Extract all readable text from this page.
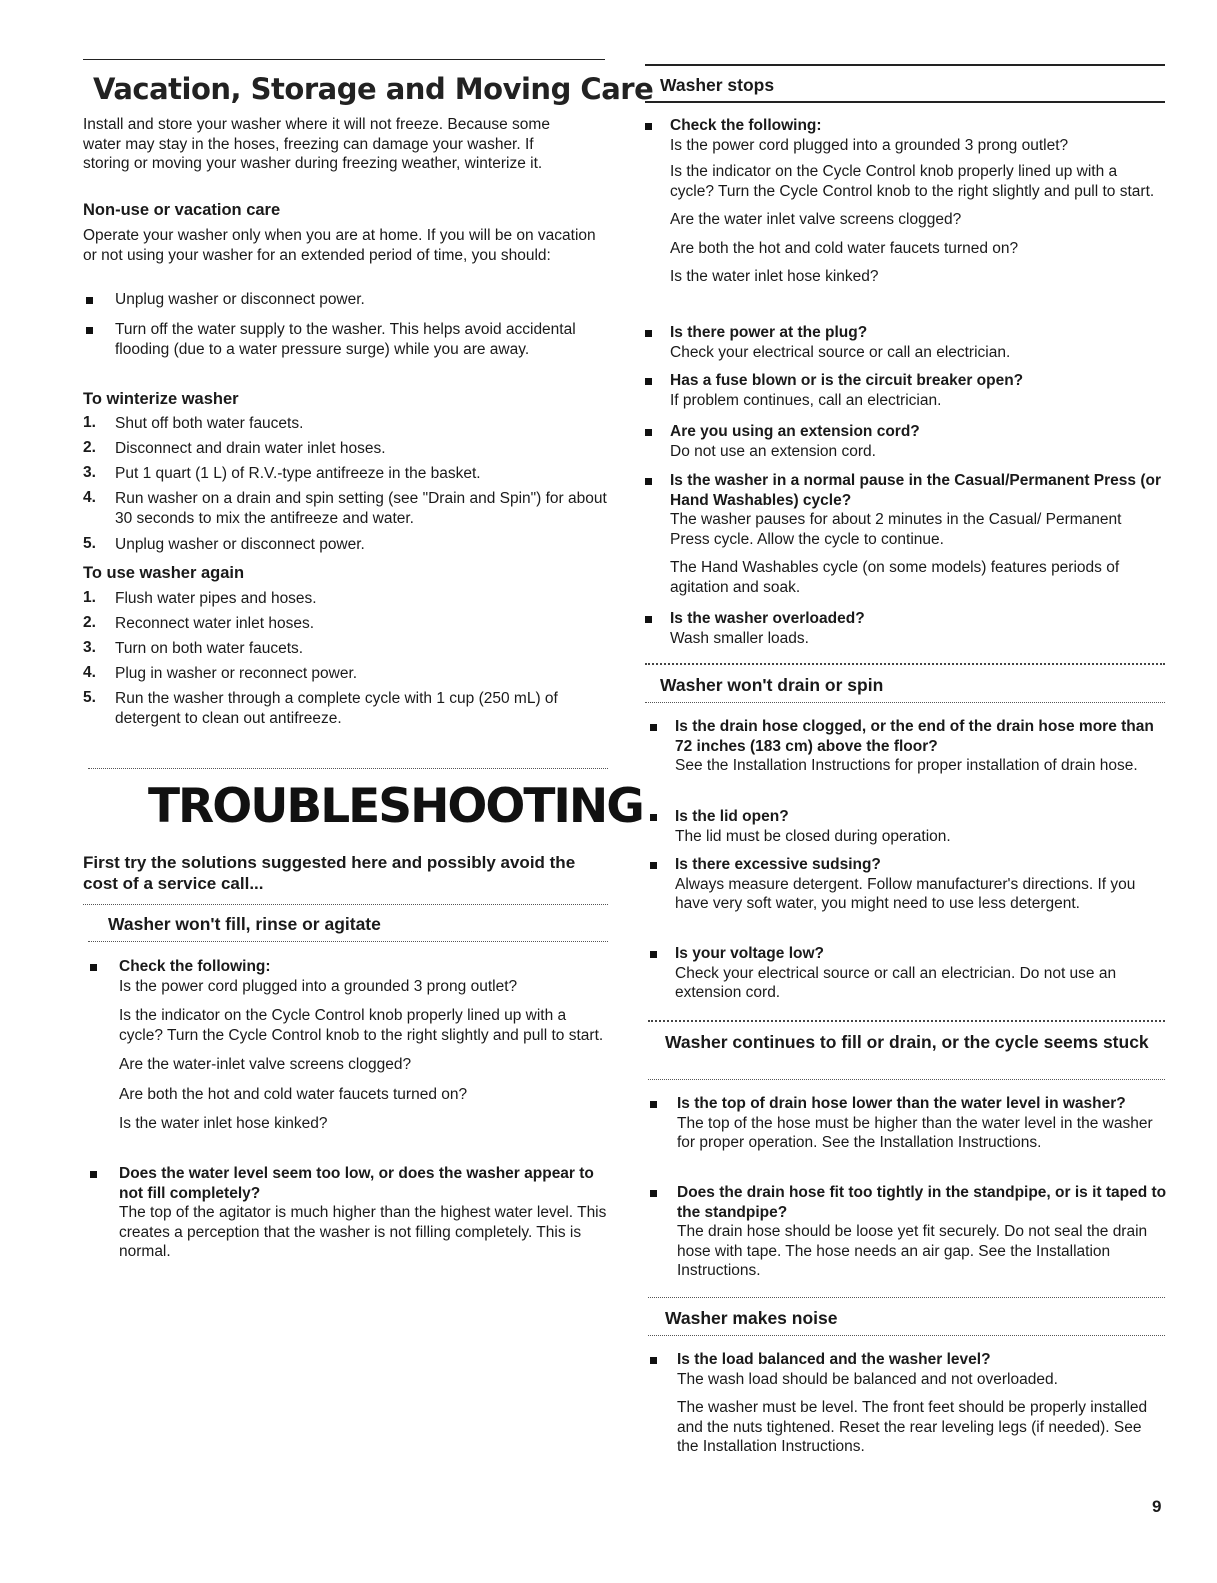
Vacation, Storage and Moving Care

Install and store your washer where it will not freeze. Because some water may stay in the hoses, freezing can damage your washer. If storing or moving your washer during freezing weather, winterize it.

Non-use or vacation care

Operate your washer only when you are at home. If you will be on vacation or not using your washer for an extended period of time, you should:

Unplug washer or disconnect power.

Turn off the water supply to the washer. This helps avoid accidental flooding (due to a water pressure surge) while you are away.

To winterize washer
1. Shut off both water faucets.

2. Disconnect and drain water inlet hoses.

3. Put 1 quart (1 L) of R.V.-type antifreeze in the basket.

4. Run washer on a drain and spin setting (see "Drain and Spin") for about 30 seconds to mix the antifreeze and water.

5. Unplug washer or disconnect power.

To use washer again
1. Flush water pipes and hoses.

2. Reconnect water inlet hoses.

3. Turn on both water faucets.

4. Plug in washer or reconnect power.

5. Run the washer through a complete cycle with 1 cup (250 mL) of detergent to clean out antifreeze.

TROUBLESHOOTING

First try the solutions suggested here and possibly avoid the cost of a service call...

Washer won't fill, rinse or agitate
Check the following:
Is the power cord plugged into a grounded 3 prong outlet?
Is the indicator on the Cycle Control knob properly lined up with a cycle? Turn the Cycle Control knob to the right slightly and pull to start.
Are the water-inlet valve screens clogged?
Are both the hot and cold water faucets turned on?
Is the water inlet hose kinked?
Does the water level seem too low, or does the washer appear to not fill completely?
The top of the agitator is much higher than the highest water level. This creates a perception that the washer is not filling completely. This is normal.
Washer stops
Check the following:
Is the power cord plugged into a grounded 3 prong outlet?
Is the indicator on the Cycle Control knob properly lined up with a cycle? Turn the Cycle Control knob to the right slightly and pull to start.
Are the water inlet valve screens clogged?
Are both the hot and cold water faucets turned on?
Is the water inlet hose kinked?
Is there power at the plug?
Check your electrical source or call an electrician.
Has a fuse blown or is the circuit breaker open?
If problem continues, call an electrician.
Are you using an extension cord?
Do not use an extension cord.
Is the washer in a normal pause in the Casual/Permanent Press (or Hand Washables) cycle?
The washer pauses for about 2 minutes in the Casual/ Permanent Press cycle. Allow the cycle to continue.
The Hand Washables cycle (on some models) features periods of agitation and soak.
Is the washer overloaded?
Wash smaller loads.
Washer won't drain or spin
Is the drain hose clogged, or the end of the drain hose more than 72 inches (183 cm) above the floor?
See the Installation Instructions for proper installation of drain hose.
Is the lid open?
The lid must be closed during operation.
Is there excessive sudsing?
Always measure detergent. Follow manufacturer's directions. If you have very soft water, you might need to use less detergent.
Is your voltage low?
Check your electrical source or call an electrician. Do not use an extension cord.
Washer continues to fill or drain, or the cycle seems stuck
Is the top of drain hose lower than the water level in washer?
The top of the hose must be higher than the water level in the washer for proper operation. See the Installation Instructions.
Does the drain hose fit too tightly in the standpipe, or is it taped to the standpipe?
The drain hose should be loose yet fit securely. Do not seal the drain hose with tape. The hose needs an air gap. See the Installation Instructions.
Washer makes noise
Is the load balanced and the washer level?
The wash load should be balanced and not overloaded.
The washer must be level. The front feet should be properly installed and the nuts tightened. Reset the rear leveling legs (if needed). See the Installation Instructions.
9
